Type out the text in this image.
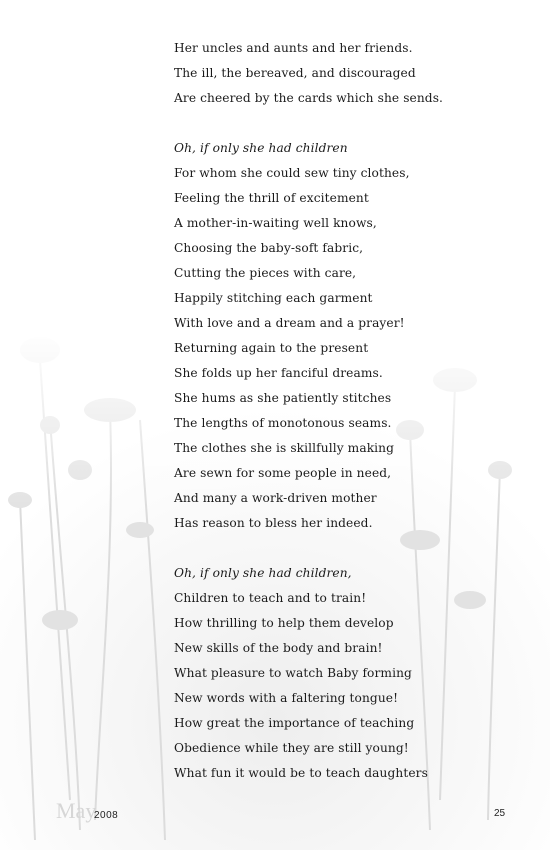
Her uncles and aunts and her friends.
The ill, the bereaved, and discouraged
Are cheered by the cards which she sends.
Oh, if only she had children
For whom she could sew tiny clothes,
Feeling the thrill of excitement
A mother-in-waiting well knows,
Choosing the baby-soft fabric,
Cutting the pieces with care,
Happily stitching each garment
With love and a dream and a prayer!
Returning again to the present
She folds up her fanciful dreams.
She hums as she patiently stitches
The lengths of monotonous seams.
The clothes she is skillfully making
Are sewn for some people in need,
And many a work-driven mother
Has reason to bless her indeed.
Oh, if only she had children,
Children to teach and to train!
How thrilling to help them develop
New skills of the body and brain!
What pleasure to watch Baby forming
New words with a faltering tongue!
How great the importance of teaching
Obedience while they are still young!
What fun it would be to teach daughters
May
2008	25
